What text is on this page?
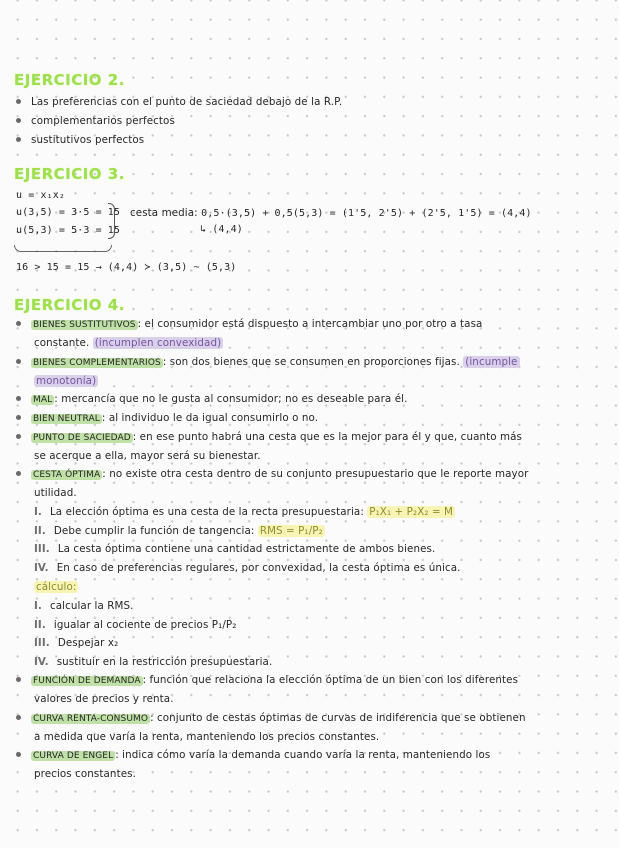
EJERCICIO 2.
Las preferencias con el punto de saciedad debajo de la R.P.
complementarios perfectos
sustitutivos perfectos
EJERCICIO 3.
u = x₁x₂
u(3,5) = 3·5 = 15
u(5,3) = 5·3 = 15
cesta media: 0,5·(3,5) + 0,5(5,3) = (1'5, 2'5) + (2'5, 1'5) = (4,4)
↳ (4,4)
16 > 15 = 15 → (4,4) ≻ (3,5) ~ (5,3)
EJERCICIO 4.
BIENES SUSTITUTIVOS : el consumidor está dispuesto a intercambiar uno por otro a tasa
constante. (incumplen convexidad)
BIENES COMPLEMENTARIOS : son dos bienes que se consumen en proporciones fijas. (incumple
monotonía)
MAL : mercancía que no le gusta al consumidor; no es deseable para él.
BIEN NEUTRAL : al individuo le da igual consumirlo o no.
PUNTO DE SACIEDAD : en ese punto habrá una cesta que es la mejor para él y que, cuanto más
se acerque a ella, mayor será su bienestar.
CESTA ÓPTIMA : no existe otra cesta dentro de su conjunto presupuestario que le reporte mayor
utilidad.
I. La elección óptima es una cesta de la recta presupuestaria: P₁X₁ + P₂X₂ = M
II. Debe cumplir la función de tangencia: RMS = P₁/P₂
III. La cesta óptima contiene una cantidad estrictamente de ambos bienes.
IV. En caso de preferencias regulares, por convexidad, la cesta óptima es única.
cálculo:
I. calcular la RMS.
II. igualar al cociente de precios P₁/P₂
III. Despejar x₂
IV. sustituir en la restricción presupuestaria.
FUNCIÓN DE DEMANDA : función que relaciona la elección óptima de un bien con los diferentes
valores de precios y renta.
CURVA RENTA-CONSUMO : conjunto de cestas óptimas de curvas de indiferencia que se obtienen
a medida que varía la renta, manteniendo los precios constantes.
CURVA DE ENGEL : indica cómo varía la demanda cuando varía la renta, manteniendo los
precios constantes.
